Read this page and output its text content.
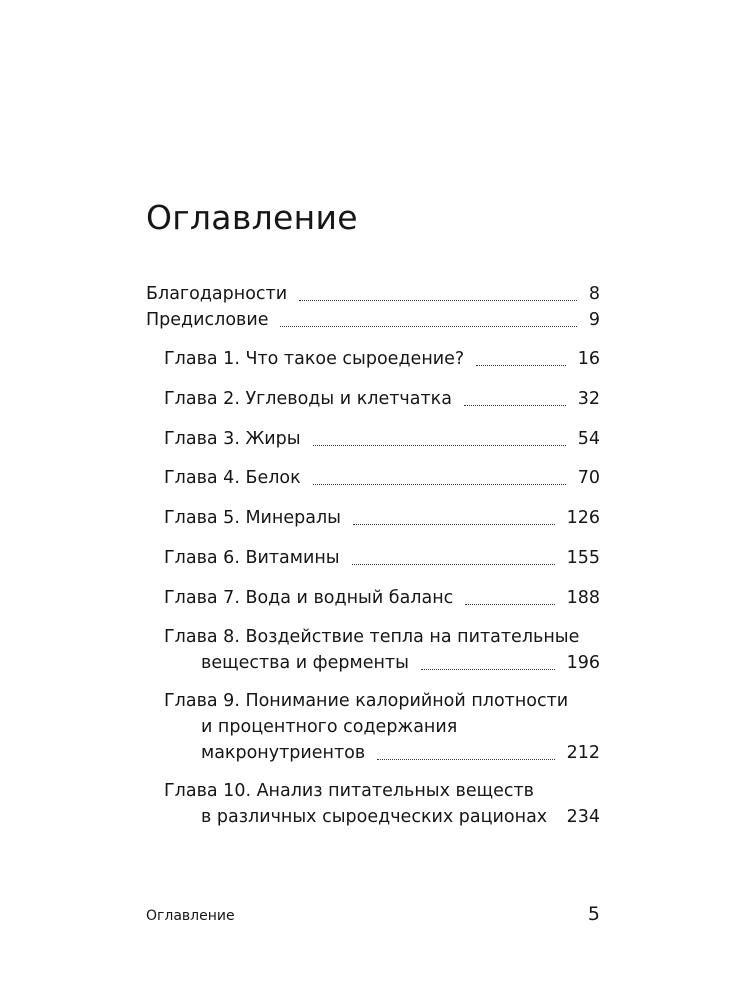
Оглавление
Благодарности	8
Предисловие	9
Глава 1. Что такое сыроедение?	16
Глава 2. Углеводы и клетчатка	32
Глава 3. Жиры	54
Глава 4. Белок	70
Глава 5. Минералы	126
Глава 6. Витамины	155
Глава 7. Вода и водный баланс	188
Глава 8. Воздействие тепла на питательные
вещества и ферменты	196
Глава 9. Понимание калорийной плотности
и процентного содержания
макронутриентов	212
Глава 10. Анализ питательных веществ
в различных сыроедческих рационах 234
Оглавление	5
